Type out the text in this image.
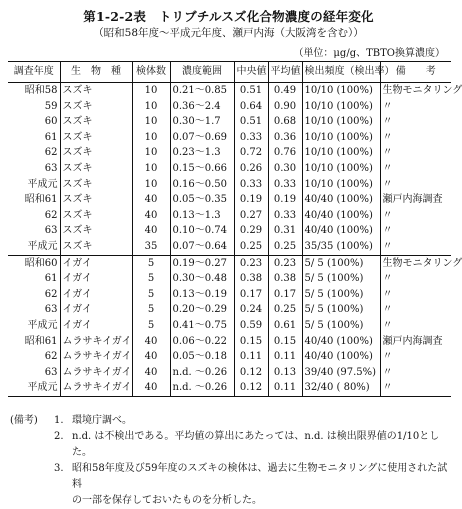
第1-2-2表　トリブチルスズ化合物濃度の経年変化
（昭和58年度～平成元年度、瀬戸内海（大阪湾を含む））
（単位：μg/g、TBTO換算濃度）
調査年度	生　物　種	検体数	濃度範囲	中央値	平均値	検出頻度（検出率）	備　　考
昭和58	スズキ	10	0.21～0.85	0.51	0.49	10/10 (100%)	生物モニタリング
59	スズキ	10	0.36～2.4	0.64	0.90	10/10 (100%)	〃
60	スズキ	10	0.30～1.7	0.51	0.68	10/10 (100%)	〃
61	スズキ	10	0.07～0.69	0.33	0.36	10/10 (100%)	〃
62	スズキ	10	0.23～1.3	0.72	0.76	10/10 (100%)	〃
63	スズキ	10	0.15～0.66	0.26	0.30	10/10 (100%)	〃
平成元	スズキ	10	0.16～0.50	0.33	0.33	10/10 (100%)	〃
昭和61	スズキ	40	0.05～0.35	0.19	0.19	40/40 (100%)	瀬戸内海調査
62	スズキ	40	0.13～1.3	0.27	0.33	40/40 (100%)	〃
63	スズキ	40	0.10～0.74	0.29	0.31	40/40 (100%)	〃
平成元	スズキ	35	0.07～0.64	0.25	0.25	35/35 (100%)	〃
昭和60	イガイ	5	0.19～0.27	0.23	0.23	5/ 5 (100%)	生物モニタリング
61	イガイ	5	0.30～0.48	0.38	0.38	5/ 5 (100%)	〃
62	イガイ	5	0.13～0.19	0.17	0.17	5/ 5 (100%)	〃
63	イガイ	5	0.20～0.29	0.24	0.25	5/ 5 (100%)	〃
平成元	イガイ	5	0.41～0.75	0.59	0.61	5/ 5 (100%)	〃
昭和61	ムラサキイガイ	40	0.06～0.22	0.15	0.15	40/40 (100%)	瀬戸内海調査
62	ムラサキイガイ	40	0.05～0.18	0.11	0.11	40/40 (100%)	〃
63	ムラサキイガイ	40	n.d. ～0.26	0.12	0.13	39/40 (97.5%)	〃
平成元	ムラサキイガイ	40	n.d. ～0.26	0.12	0.11	32/40 ( 80%)	〃
(備考)	1. 環境庁調べ。
2. n.d. は不検出である。平均値の算出にあたっては、n.d. は検出限界値の1/10とした。
3. 昭和58年度及び59年度のスズキの検体は、過去に生物モニタリングに使用された試料
の一部を保存しておいたものを分析した。
